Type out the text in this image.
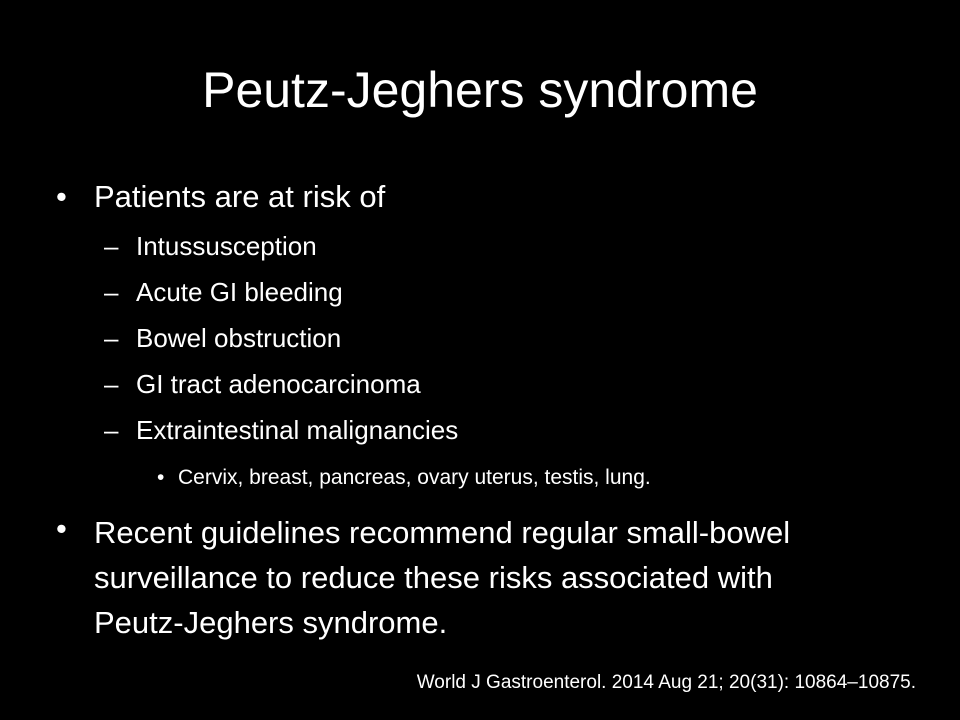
Peutz-Jeghers syndrome
• Patients are at risk of
– Intussusception
– Acute GI bleeding
– Bowel obstruction
– GI tract adenocarcinoma
– Extraintestinal malignancies
• Cervix, breast, pancreas, ovary uterus, testis, lung.
• Recent guidelines recommend regular small-bowel surveillance to reduce these risks associated with Peutz-Jeghers syndrome.
World J Gastroenterol. 2014 Aug 21; 20(31): 10864–10875.
